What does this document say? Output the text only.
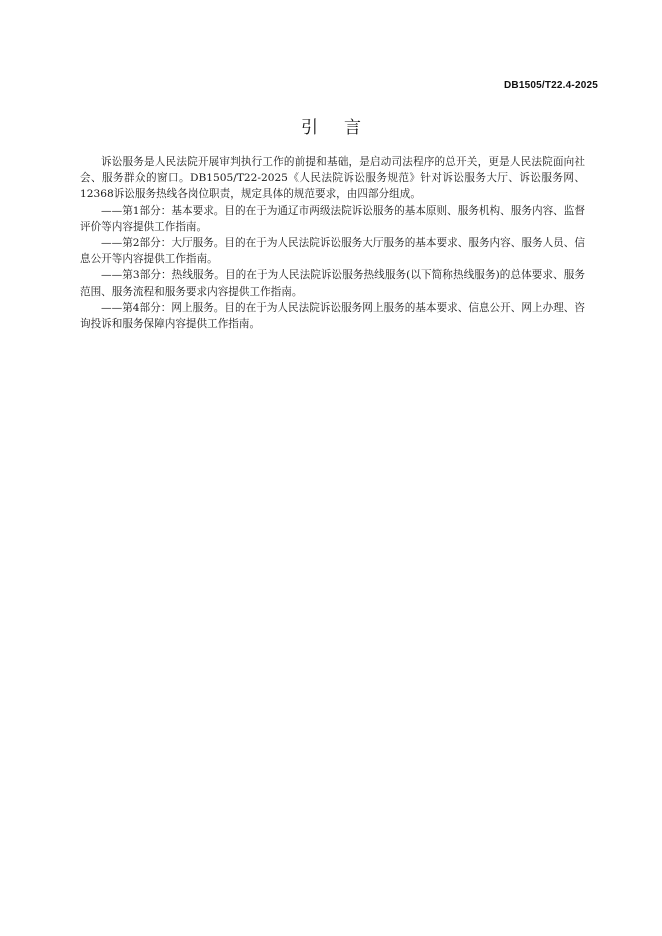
DB1505/T22.4-2025
引言

诉讼服务是人民法院开展审判执行工作的前提和基础，是启动司法程序的总开关，更是人民法院面向社会、服务群众的窗口。DB1505/T22-2025《人民法院诉讼服务规范》针对诉讼服务大厅、诉讼服务网、12368诉讼服务热线各岗位职责，规定具体的规范要求，由四部分组成。

——第1部分：基本要求。目的在于为通辽市两级法院诉讼服务的基本原则、服务机构、服务内容、监督评价等内容提供工作指南。

——第2部分：大厅服务。目的在于为人民法院诉讼服务大厅服务的基本要求、服务内容、服务人员、信息公开等内容提供工作指南。

——第3部分：热线服务。目的在于为人民法院诉讼服务热线服务(以下简称热线服务)的总体要求、服务范围、服务流程和服务要求内容提供工作指南。

——第4部分：网上服务。目的在于为人民法院诉讼服务网上服务的基本要求、信息公开、网上办理、咨询投诉和服务保障内容提供工作指南。
